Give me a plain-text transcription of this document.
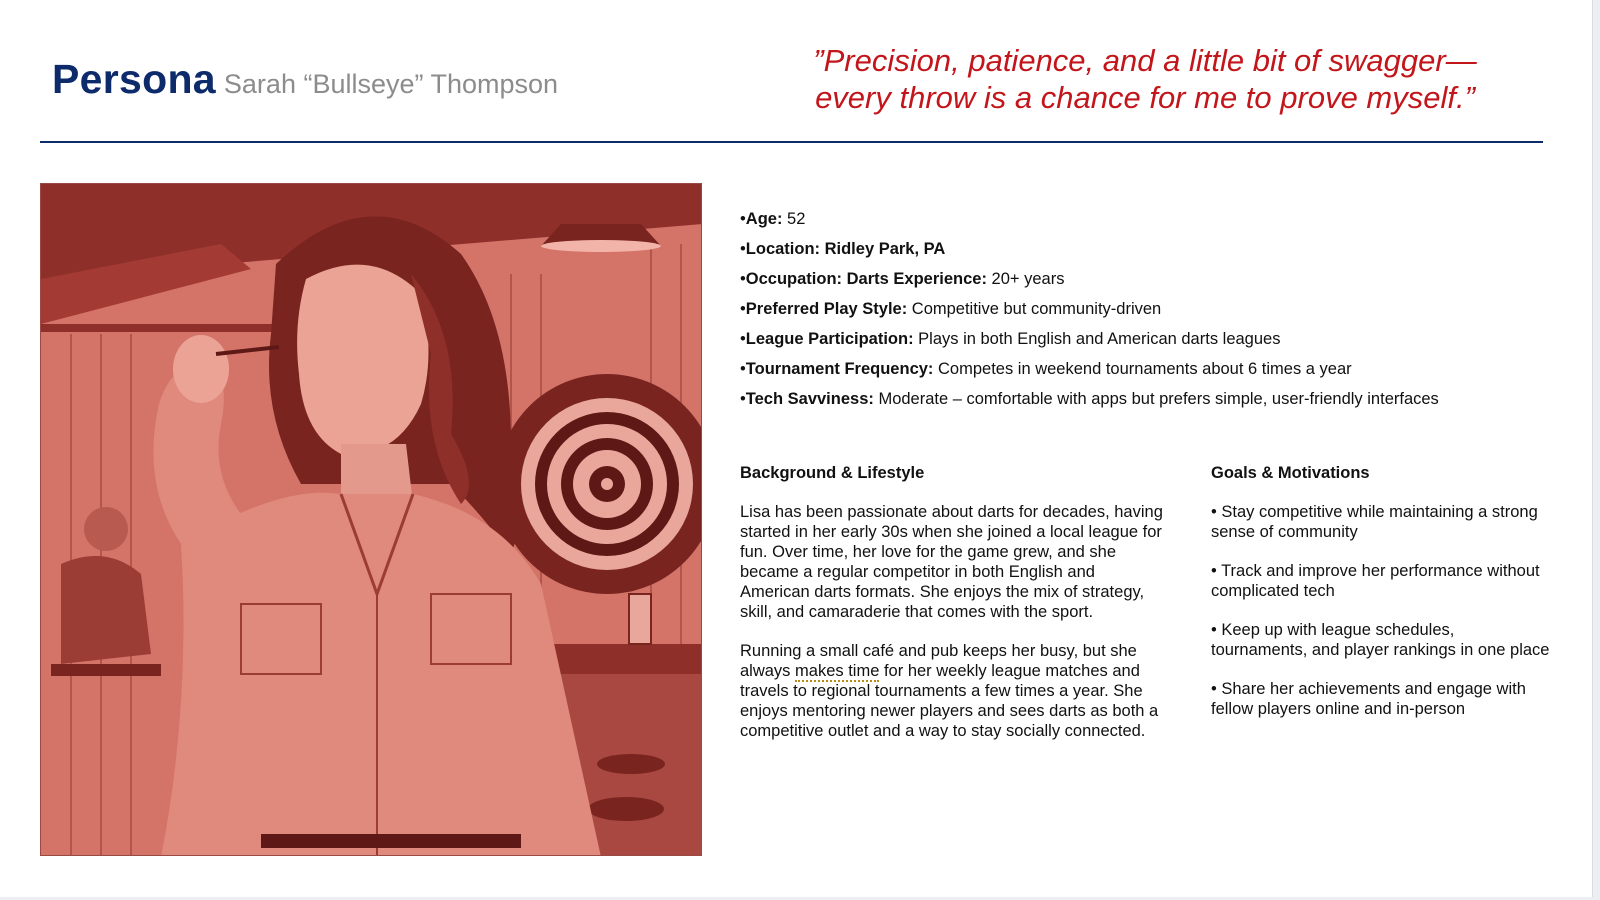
Persona Sarah “Bullseye” Thompson
”Precision, patience, and a little bit of swagger—
every throw is a chance for me to prove myself.”
•Age: 52
•Location: Ridley Park, PA
•Occupation: Darts Experience: 20+ years
•Preferred Play Style: Competitive but community-driven
•League Participation: Plays in both English and American darts leagues
•Tournament Frequency: Competes in weekend tournaments about 6 times a year
•Tech Savviness: Moderate – comfortable with apps but prefers simple, user-friendly interfaces
Background & Lifestyle
Lisa has been passionate about darts for decades, having started in her early 30s when she joined a local league for fun. Over time, her love for the game grew, and she became a regular competitor in both English and American darts formats. She enjoys the mix of strategy, skill, and camaraderie that comes with the sport.
Running a small café and pub keeps her busy, but she always makes time for her weekly league matches and travels to regional tournaments a few times a year. She enjoys mentoring newer players and sees darts as both a competitive outlet and a way to stay socially connected.
Goals & Motivations
• Stay competitive while maintaining a strong sense of community
• Track and improve her performance without complicated tech
• Keep up with league schedules, tournaments, and player rankings in one place
• Share her achievements and engage with fellow players online and in-person
